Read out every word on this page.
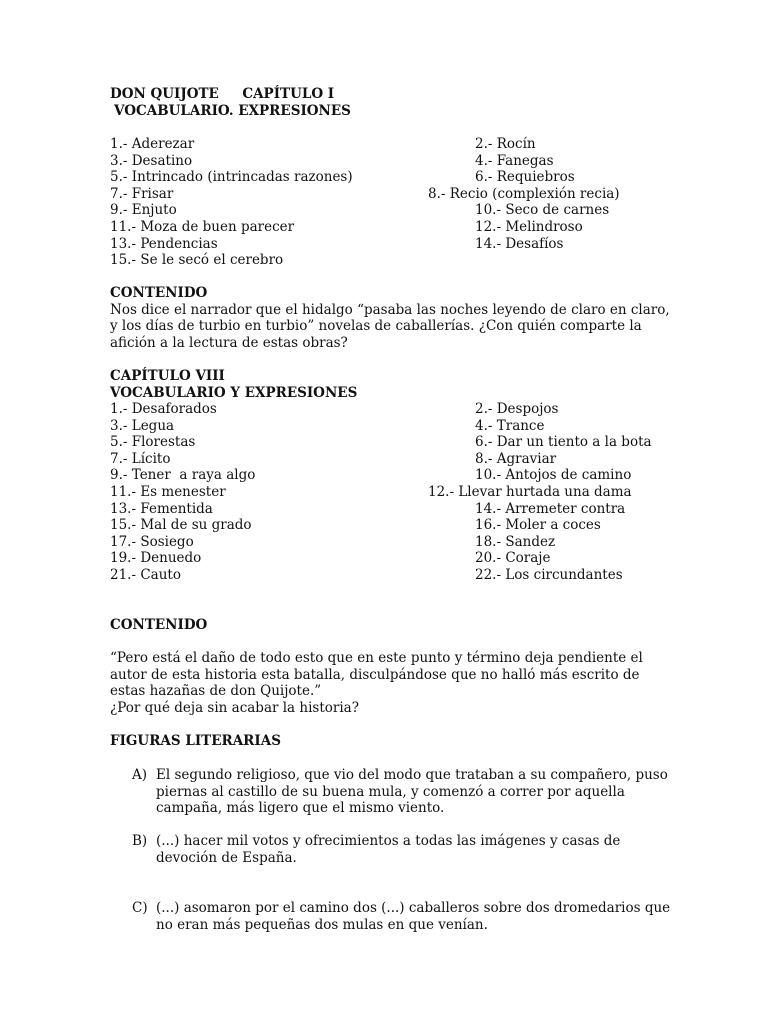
DON QUIJOTE     CAPÍTULO I
VOCABULARIO. EXPRESIONES
1.- Aderezar	2.- Rocín
3.- Desatino	4.- Fanegas
5.- Intrincado (intrincadas razones)	6.- Requiebros
7.- Frisar	8.- Recio (complexión recia)
9.- Enjuto	10.- Seco de carnes
11.- Moza de buen parecer	12.- Melindroso
13.- Pendencias	14.- Desafíos
15.- Se le secó el cerebro
CONTENIDO

Nos dice el narrador que el hidalgo “pasaba las noches leyendo de claro en claro, y los días de turbio en turbio” novelas de caballerías. ¿Con quién comparte la afición a la lectura de estas obras?

CAPÍTULO VIII
VOCABULARIO Y EXPRESIONES
1.- Desaforados	2.- Despojos
3.- Legua	4.- Trance
5.- Florestas	6.- Dar un tiento a la bota
7.- Lícito	8.- Agraviar
9.- Tener  a raya algo	10.- Antojos de camino
11.- Es menester	12.- Llevar hurtada una dama
13.- Fementida	14.- Arremeter contra
15.- Mal de su grado	16.- Moler a coces
17.- Sosiego	18.- Sandez
19.- Denuedo	20.- Coraje
21.- Cauto	22.- Los circundantes
CONTENIDO

“Pero está el daño de todo esto que en este punto y término deja pendiente el autor de esta historia esta batalla, disculpándose que no halló más escrito de estas hazañas de don Quijote.”

¿Por qué deja sin acabar la historia?

FIGURAS LITERARIAS
A) El segundo religioso, que vio del modo que trataban a su compañero, puso piernas al castillo de su buena mula, y comenzó a correr por aquella campaña, más ligero que el mismo viento.

B) (...) hacer mil votos y ofrecimientos a todas las imágenes y casas de devoción de España.

C) (...) asomaron por el camino dos (...) caballeros sobre dos dromedarios que no eran más pequeñas dos mulas en que venían.
